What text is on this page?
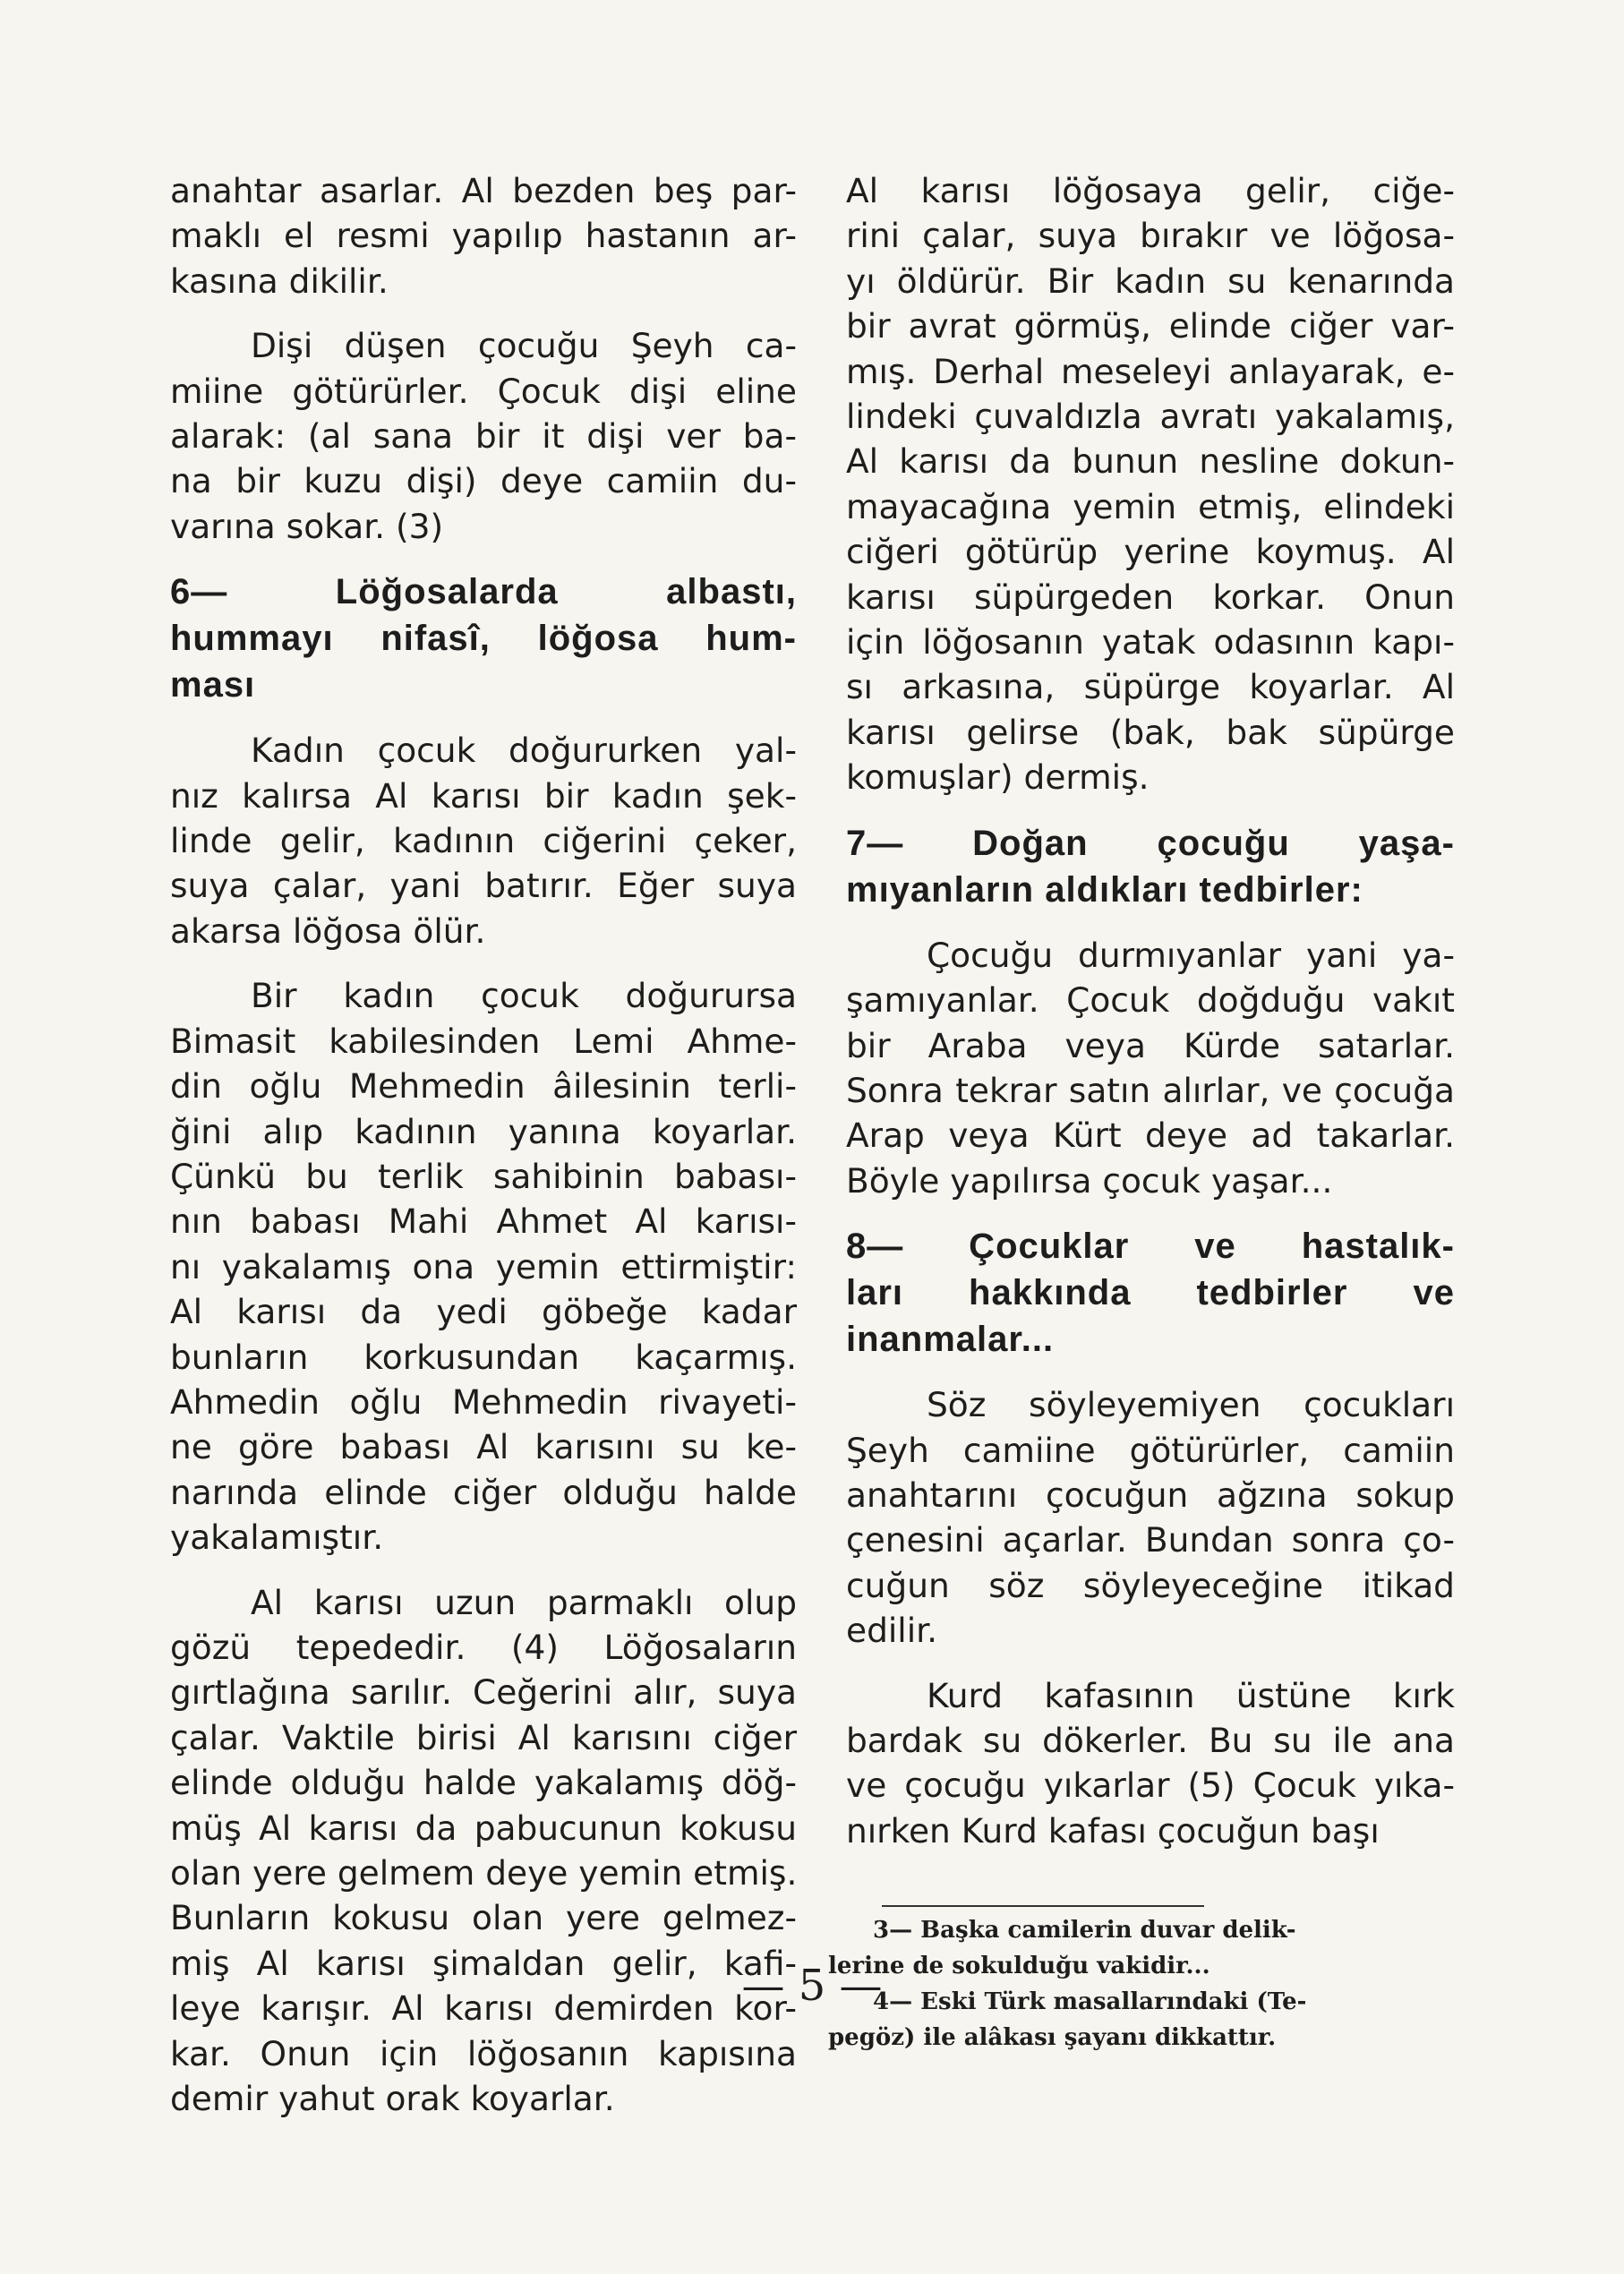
anahtar asarlar. Al bezden beş par-

maklı el resmi yapılıp hastanın ar-

kasına dikilir.

Dişi düşen çocuğu Şeyh ca-

miine götürürler. Çocuk dişi eline

alarak: (al sana bir it dişi ver ba-

na bir kuzu dişi) deye camiin du-

varına sokar. (3)

6— Löğosalarda albastı,

hummayı nifasî, löğosa hum-

ması

Kadın çocuk doğururken yal-

nız kalırsa Al karısı bir kadın şek-

linde gelir, kadının ciğerini çeker,

suya çalar, yani batırır. Eğer suya

akarsa löğosa ölür.

Bir kadın çocuk doğurursa

Bimasit kabilesinden Lemi Ahme-

din oğlu Mehmedin âilesinin terli-

ğini alıp kadının yanına koyarlar.

Çünkü bu terlik sahibinin babası-

nın babası Mahi Ahmet Al karısı-

nı yakalamış ona yemin ettirmiştir:

Al karısı da yedi göbeğe kadar

bunların korkusundan kaçarmış.

Ahmedin oğlu Mehmedin rivayeti-

ne göre babası Al karısını su ke-

narında elinde ciğer olduğu halde

yakalamıştır.

Al karısı uzun parmaklı olup

gözü tepededir. (4) Löğosaların

gırtlağına sarılır. Ceğerini alır, suya

çalar. Vaktile birisi Al karısını ciğer

elinde olduğu halde yakalamış döğ-

müş Al karısı da pabucunun kokusu

olan yere gelmem deye yemin etmiş.

Bunların kokusu olan yere gelmez-

miş Al karısı şimaldan gelir, kafi-

leye karışır. Al karısı demirden kor-

kar. Onun için löğosanın kapısına

demir yahut orak koyarlar.

Al karısı löğosaya gelir, ciğe-

rini çalar, suya bırakır ve löğosa-

yı öldürür. Bir kadın su kenarında

bir avrat görmüş, elinde ciğer var-

mış. Derhal meseleyi anlayarak, e-

lindeki çuvaldızla avratı yakalamış,

Al karısı da bunun nesline dokun-

mayacağına yemin etmiş, elindeki

ciğeri götürüp yerine koymuş. Al

karısı süpürgeden korkar. Onun

için löğosanın yatak odasının kapı-

sı arkasına, süpürge koyarlar. Al

karısı gelirse (bak, bak süpürge

komuşlar) dermiş.

7— Doğan çocuğu yaşa-

mıyanların aldıkları tedbirler:

Çocuğu durmıyanlar yani ya-

şamıyanlar. Çocuk doğduğu vakıt

bir Araba veya Kürde satarlar.

Sonra tekrar satın alırlar, ve çocuğa

Arap veya Kürt deye ad takarlar.

Böyle yapılırsa çocuk yaşar...

8— Çocuklar ve hastalık-

ları hakkında tedbirler ve

inanmalar...

Söz söyleyemiyen çocukları

Şeyh camiine götürürler, camiin

anahtarını çocuğun ağzına sokup

çenesini açarlar. Bundan sonra ço-

cuğun söz söyleyeceğine itikad

edilir.

Kurd kafasının üstüne kırk

bardak su dökerler. Bu su ile ana

ve çocuğu yıkarlar (5) Çocuk yıka-

nırken Kurd kafası çocuğun başı

3— Başka camilerin duvar delik-

lerine de sokulduğu vakidir...

4— Eski Türk masallarındaki (Te-

pegöz) ile alâkası şayanı dikkattır.

— 5 —
